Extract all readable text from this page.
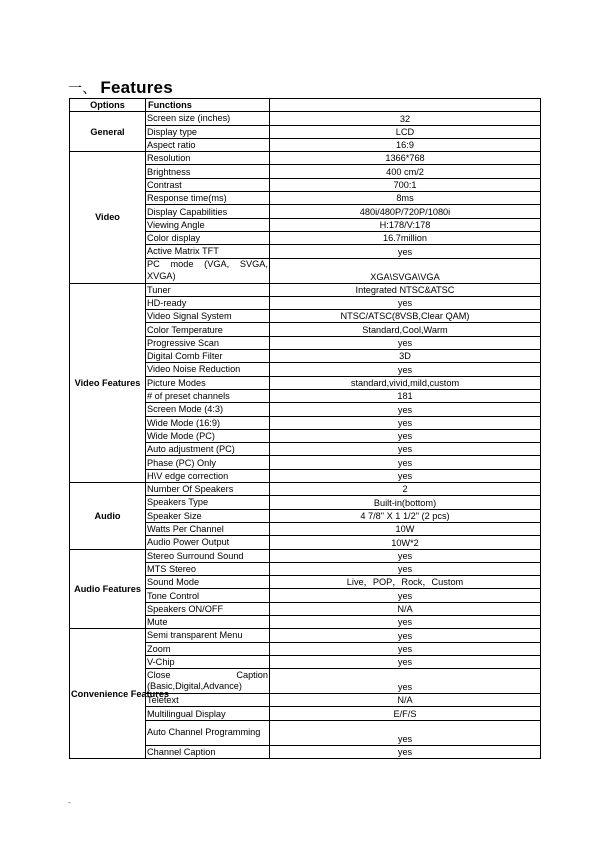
一、 Features
Options	Functions	
General	Screen size (inches)	32
	Display type	LCD
	Aspect ratio	16:9
Video	Resolution	1366*768
	Brightness	400 cm/2
	Contrast	700:1
	Response time(ms)	8ms
	Display Capabilities	480i/480P/720P/1080i
	Viewing Angle	H:178/V:178
	Color display	16.7million
	Active Matrix TFT	yes
	PC mode (VGA, SVGA, XVGA)	XGA\SVGA\VGA
Video Features	Tuner	Integrated NTSC&ATSC
	HD-ready	yes
	Video Signal System	NTSC/ATSC(8VSB,Clear QAM)
	Color Temperature	Standard,Cool,Warm
	Progressive Scan	yes
	Digital Comb Filter	3D
	Video Noise Reduction	yes
	Picture Modes	standard,vivid,mild,custom
	# of preset channels	181
	Screen Mode (4:3)	yes
	Wide Mode (16:9)	yes
	Wide Mode (PC)	yes
	Auto adjustment (PC)	yes
	Phase (PC) Only	yes
	H\V edge correction	yes
Audio	Number Of Speakers	2
	Speakers Type	Built-in(bottom)
	Speaker Size	4 7/8" X 1 1/2" (2 pcs)
	Watts Per Channel	10W
	Audio Power Output	10W*2
Audio Features	Stereo Surround Sound	yes
	MTS Stereo	yes
	Sound Mode	Live，POP，Rock，Custom
	Tone Control	yes
	Speakers ON/OFF	N/A
	Mute	yes
Convenience Features	Semi transparent Menu	yes
	Zoom	yes
	V-Chip	yes
	Close Caption (Basic,Digital,Advance)	yes
	Teletext	N/A
	Multilingual Display	E/F/S
	Auto Channel Programming	yes
	Channel Caption	yes
-
